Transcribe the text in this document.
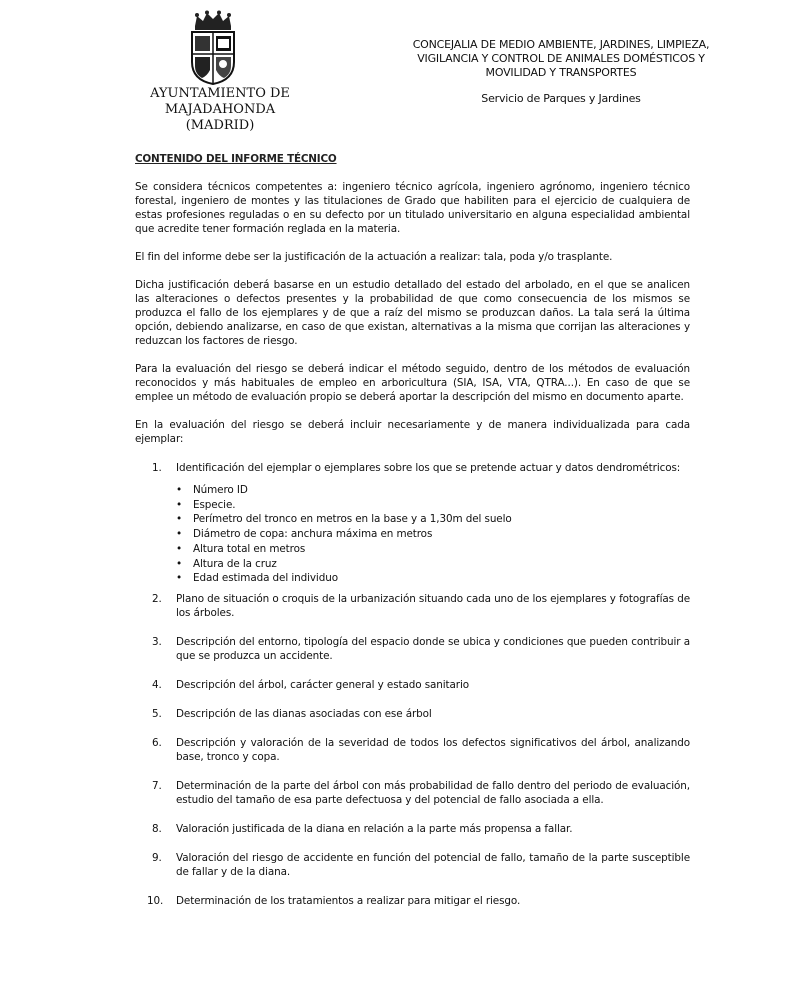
AYUNTAMIENTO DE
MAJADAHONDA
(MADRID)
CONCEJALIA DE MEDIO AMBIENTE, JARDINES, LIMPIEZA,
VIGILANCIA Y CONTROL DE ANIMALES DOMÉSTICOS Y
MOVILIDAD Y TRANSPORTES
Servicio de Parques y Jardines
CONTENIDO DEL INFORME TÉCNICO

Se considera técnicos competentes a: ingeniero técnico agrícola, ingeniero agrónomo, ingeniero técnico forestal, ingeniero de montes y las titulaciones de Grado que habiliten para el ejercicio de cualquiera de estas profesiones reguladas o en su defecto por un titulado universitario en alguna especialidad ambiental que acredite tener formación reglada en la materia.

El fin del informe debe ser la justificación de la actuación a realizar: tala, poda y/o trasplante.

Dicha justificación deberá basarse en un estudio detallado del estado del arbolado, en el que se analicen las alteraciones o defectos presentes y la probabilidad de que como consecuencia de los mismos se produzca el fallo de los ejemplares y de que a raíz del mismo se produzcan daños. La tala será la última opción, debiendo analizarse, en caso de que existan, alternativas a la misma que corrijan las alteraciones y reduzcan los factores de riesgo.

Para la evaluación del riesgo se deberá indicar el método seguido, dentro de los métodos de evaluación reconocidos y más habituales de empleo en arboricultura (SIA, ISA, VTA, QTRA...). En caso de que se emplee un método de evaluación propio se deberá aportar la descripción del mismo en documento aparte.

En la evaluación del riesgo se deberá incluir necesariamente y de manera individualizada para cada ejemplar:

1.	Identificación del ejemplar o ejemplares sobre los que se pretende actuar y datos dendrométricos:
• Número ID
• Especie.
• Perímetro del tronco en metros en la base y a 1,30m del suelo
• Diámetro de copa: anchura máxima en metros
• Altura total en metros
• Altura de la cruz
• Edad estimada del individuo
2.	Plano de situación o croquis de la urbanización situando cada uno de los ejemplares y fotografías de los árboles.
3.	Descripción del entorno, tipología del espacio donde se ubica y condiciones que pueden contribuir a que se produzca un accidente.
4.	Descripción del árbol, carácter general y estado sanitario
5.	Descripción de las dianas asociadas con ese árbol
6.	Descripción y valoración de la severidad de todos los defectos significativos del árbol, analizando base, tronco y copa.
7.	Determinación de la parte del árbol con más probabilidad de fallo dentro del periodo de evaluación, estudio del tamaño de esa parte defectuosa y del potencial de fallo asociada a ella.
8.	Valoración justificada de la diana en relación a la parte más propensa a fallar.
9.	Valoración del riesgo de accidente en función del potencial de fallo, tamaño de la parte susceptible de fallar y de la diana.
10.	Determinación de los tratamientos a realizar para mitigar el riesgo.
